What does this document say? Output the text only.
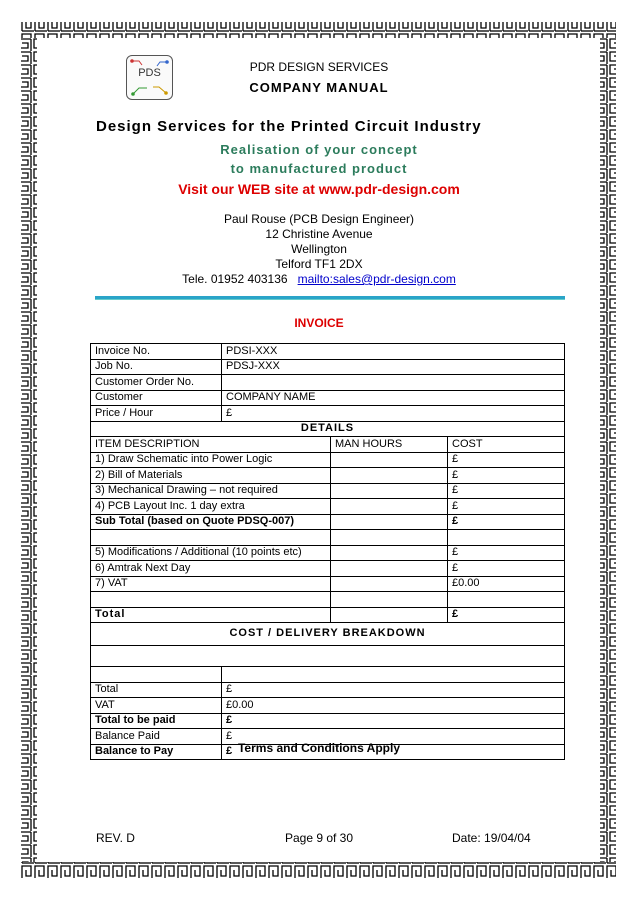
PDS	PDR DESIGN SERVICES
COMPANY MANUAL
Design Services for the Printed Circuit Industry
Realisation of your concept
to manufactured product
Visit our WEB site at www.pdr-design.com
Paul Rouse (PCB Design Engineer)
12 Christine Avenue
Wellington
Telford TF1 2DX
Tele. 01952 403136 mailto:sales@pdr-design.com
INVOICE
Invoice No.	PDSI-XXX		
Job No.	PDSJ-XXX		
Customer Order No.			
Customer	COMPANY NAME		
Price / Hour	£		
DETAILS			
ITEM DESCRIPTION		MAN HOURS	COST
1) Draw Schematic into Power Logic			£
2) Bill of Materials			£
3) Mechanical Drawing – not required			£
4) PCB Layout Inc. 1 day extra			£
Sub Total (based on Quote PDSQ-007)			£

5) Modifications / Additional (10 points etc)			£
6) Amtrak Next Day			£
7) VAT			£0.00

Total			£
COST / DELIVERY BREAKDOWN			

Total	£		
VAT	£0.00		
Total to be paid	£		
Balance Paid	£		
Balance to Pay	£		Terms and Conditions Apply
REV. D	Page 9 of 30	Date: 19/04/04
